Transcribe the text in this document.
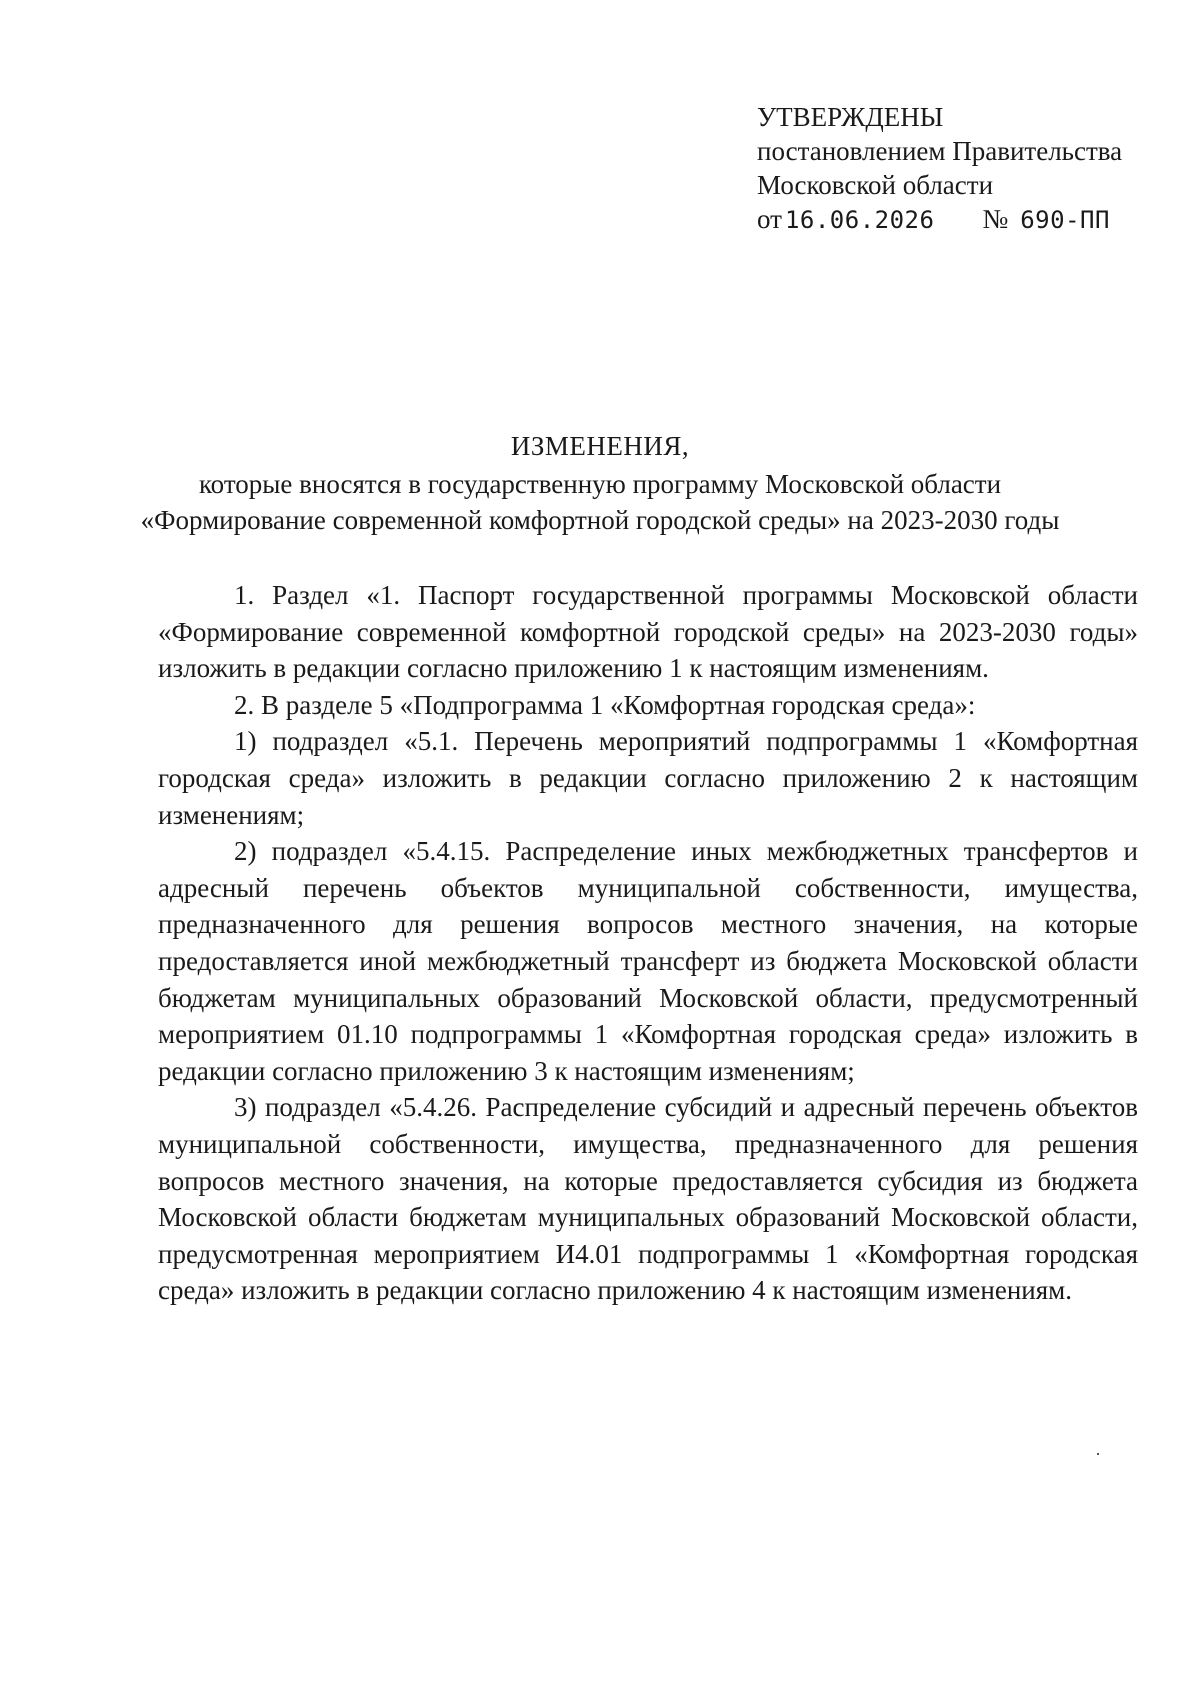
УТВЕРЖДЕНЫ
постановлением Правительства
Московской области
от 16.06.2026 № 690-ПП
ИЗМЕНЕНИЯ,
которые вносятся в государственную программу Московской области
«Формирование современной комфортной городской среды» на 2023-2030 годы

1. Раздел «1. Паспорт государственной программы Московской области «Формирование современной комфортной городской среды» на 2023-2030 годы» изложить в редакции согласно приложению 1 к настоящим изменениям.

2. В разделе 5 «Подпрограмма 1 «Комфортная городская среда»:

1) подраздел «5.1. Перечень мероприятий подпрограммы 1 «Комфортная городская среда» изложить в редакции согласно приложению 2 к настоящим изменениям;

2) подраздел «5.4.15. Распределение иных межбюджетных трансфертов и адресный перечень объектов муниципальной собственности, имущества, предназначенного для решения вопросов местного значения, на которые предоставляется иной межбюджетный трансферт из бюджета Московской области бюджетам муниципальных образований Московской области, предусмотренный мероприятием 01.10 подпрограммы 1 «Комфортная городская среда» изложить в редакции согласно приложению 3 к настоящим изменениям;

3) подраздел «5.4.26. Распределение субсидий и адресный перечень объектов муниципальной собственности, имущества, предназначенного для решения вопросов местного значения, на которые предоставляется субсидия из бюджета Московской области бюджетам муниципальных образований Московской области, предусмотренная мероприятием И4.01 подпрограммы 1 «Комфортная городская среда» изложить в редакции согласно приложению 4 к настоящим изменениям.
